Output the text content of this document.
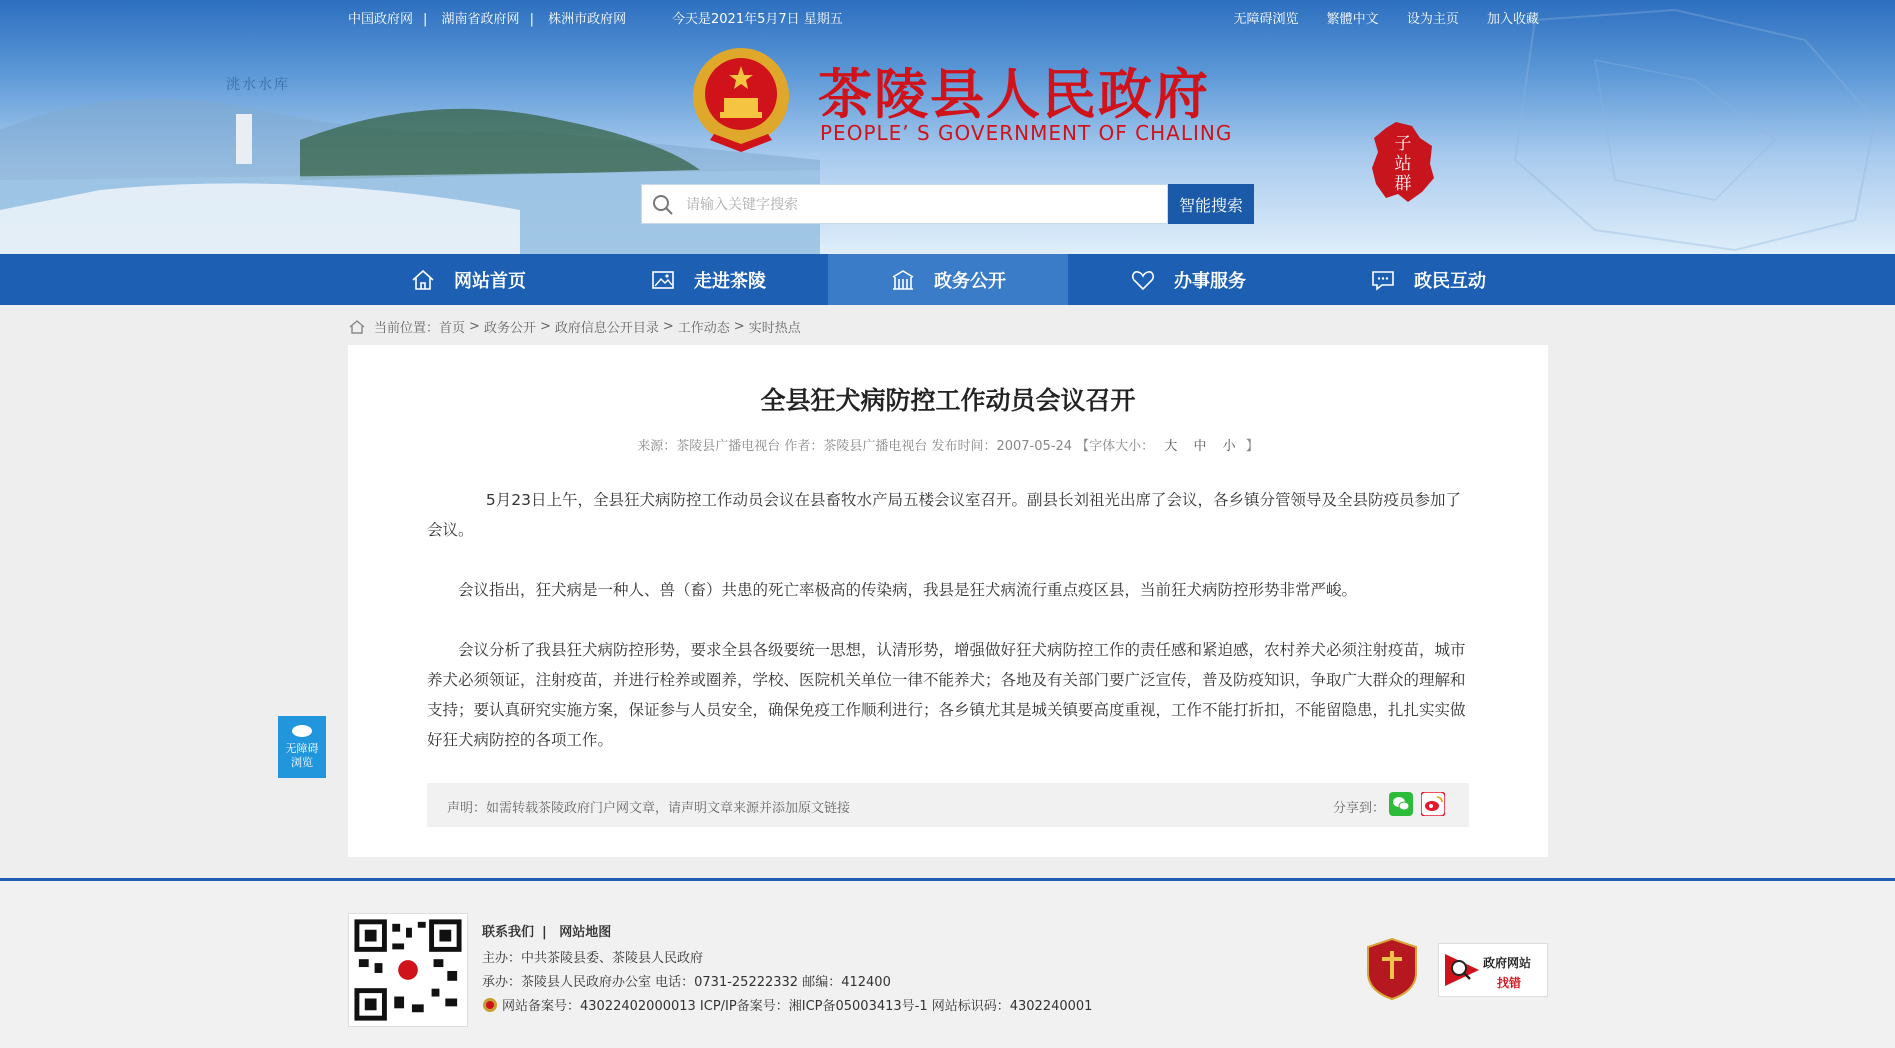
中国政府网 | 湖南省政府网 | 株洲市政府网	今天是2021年5月7日 星期五	无障碍浏览 繁體中文 设为主页 加入收藏
洮水水库	茶陵县人民政府
PEOPLE’ S GOVERNMENT OF CHALING
请输入关键字搜索
智能搜索
子
站
群
网站首页	走进茶陵	政务公开	办事服务	政民互动
当前位置： 首页 > 政务公开 > 政府信息公开目录 > 工作动态 > 实时热点
全县狂犬病防控工作动员会议召开
来源：茶陵县广播电视台 作者：茶陵县广播电视台 发布时间：2007-05-24 【字体大小： 大 中 小 】

5月23日上午，全县狂犬病防控工作动员会议在县畜牧水产局五楼会议室召开。副县长刘祖光出席了会议，各乡镇分管领导及全县防疫员参加了会议。

会议指出，狂犬病是一种人、兽（畜）共患的死亡率极高的传染病，我县是狂犬病流行重点疫区县，当前狂犬病防控形势非常严峻。

会议分析了我县狂犬病防控形势，要求全县各级要统一思想，认清形势，增强做好狂犬病防控工作的责任感和紧迫感，农村养犬必须注射疫苗，城市养犬必须领证，注射疫苗，并进行栓养或圈养，学校、医院机关单位一律不能养犬；各地及有关部门要广泛宣传，普及防疫知识，争取广大群众的理解和支持；要认真研究实施方案，保证参与人员安全，确保免疫工作顺利进行；各乡镇尤其是城关镇要高度重视，工作不能打折扣，不能留隐患，扎扎实实做好狂犬病防控的各项工作。

声明：如需转载茶陵政府门户网文章，请声明文章来源并添加原文链接	分享到：
无障碍
浏览
联系我们 | 网站地图
主办：中共茶陵县委、茶陵县人民政府
承办：茶陵县人民政府办公室 电话：0731-25222332 邮编：412400
网站备案号：43022402000013 ICP/IP备案号：湘ICP备05003413号-1 网站标识码：4302240001
政府网站
找错
